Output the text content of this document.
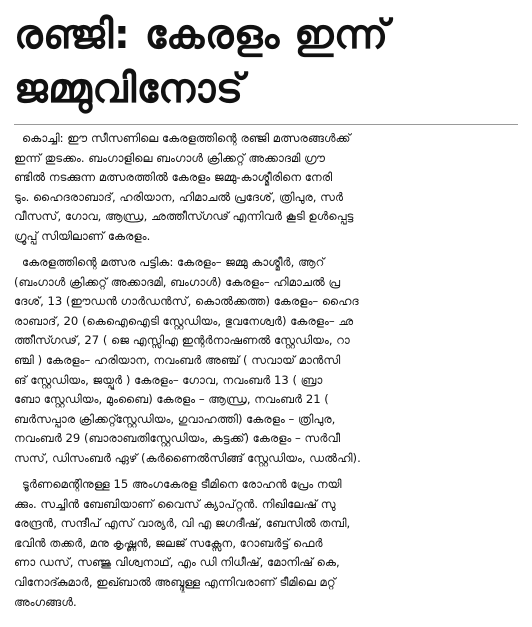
രഞ്ജി: കേരളം ഇന്ന്
ജമ്മുവിനോട്
കൊച്ചി: ഈ സീസണിലെ കേരളത്തിന്റെ രഞ്ജി മത്സരങ്ങൾക്ക്
ഇന്ന് തുടക്കം. ബംഗാളിലെ ബംഗാൾ ക്രിക്കറ്റ് അക്കാദമി ഗ്രൗ
ണ്ടിൽ നടക്കുന്ന മത്സരത്തിൽ കേരളം ജമ്മു-കാശ്മീരിനെ നേരി
ടും. ഹൈദരാബാദ്, ഹരിയാന, ഹിമാചൽ പ്രദേശ്, ത്രിപുര, സർ
വീസസ്, ഗോവ, ആന്ധ്ര, ഛത്തീസ്ഗഢ് എന്നിവർ കൂടി ഉൾപ്പെട്ട
ഗ്രൂപ്പ് സിയിലാണ് കേരളം.
കേരളത്തിന്റെ മത്സര പട്ടിക: കേരളം– ജമ്മു കാശ്മീർ, ആറ്
(ബംഗാൾ ക്രിക്കറ്റ് അക്കാദമി, ബംഗാൾ) കേരളം– ഹിമാചൽ പ്ര
ദേശ്, 13 (ഈഡൻ ഗാർഡൻസ്, കൊൽക്കത്ത) കേരളം– ഹൈദ
രാബാദ്, 20 (കെഐഐടി സ്റ്റേഡിയം, ഭുവനേശ്വർ) കേരളം– ഛ
ത്തീസ്ഗഢ്, 27 ( ജെ എസ്സിഎ ഇന്റർനാഷണൽ സ്റ്റേഡിയം, റാ
ഞ്ചി ) കേരളം– ഹരിയാന, നവംബർ അഞ്ച് ( സവായ് മാൻസി
ങ് സ്റ്റേഡിയം, ജയ്പൂർ ) കേരളം– ഗോവ, നവംബർ 13 ( ബ്രാ
ബോ സ്റ്റേഡിയം, മുംബൈ) കേരളം – ആന്ധ്ര, നവംബർ 21 (
ബർസപ്പാര ക്രിക്കറ്റ്സ്റ്റേഡിയം, ഗുവാഹത്തി) കേരളം – ത്രിപുര,
നവംബർ 29 (ബാരാബതിസ്റ്റേഡിയം, കട്ടക്ക്) കേരളം – സർവീ
സസ്, ഡിസംബർ ഏഴ് (കർണൈൽസിങ്ങ് സ്റ്റേഡിയം, ഡൽഹി).
ടൂർണമെന്റിനുള്ള 15 അംഗകേരള ടീമിനെ രോഹൻ പ്രേം നയി
ക്കും. സച്ചിൻ ബേബിയാണ് വൈസ് ക്യാപ്റ്റൻ. നിഖിലേഷ് സു
രേന്ദ്രൻ, സന്ദീപ് എസ് വാര്യർ, വി എ ജഗദീഷ്, ബേസിൽ തമ്പി,
ഭവിൻ തക്കർ, മനു കൃഷ്ണൻ, ജലജ് സക്സേന, റോബർട്ട് ഫെർ
ണാ ഡസ്, സഞ്ജു വിശ്വനാഥ്, എം ഡി നിധീഷ്, മോനിഷ് കെ,
വിനോദ്കുമാർ, ഇഖ്ബാൽ അബ്ദുള്ള എന്നിവരാണ് ടീമിലെ മറ്റ്
അംഗങ്ങൾ.
